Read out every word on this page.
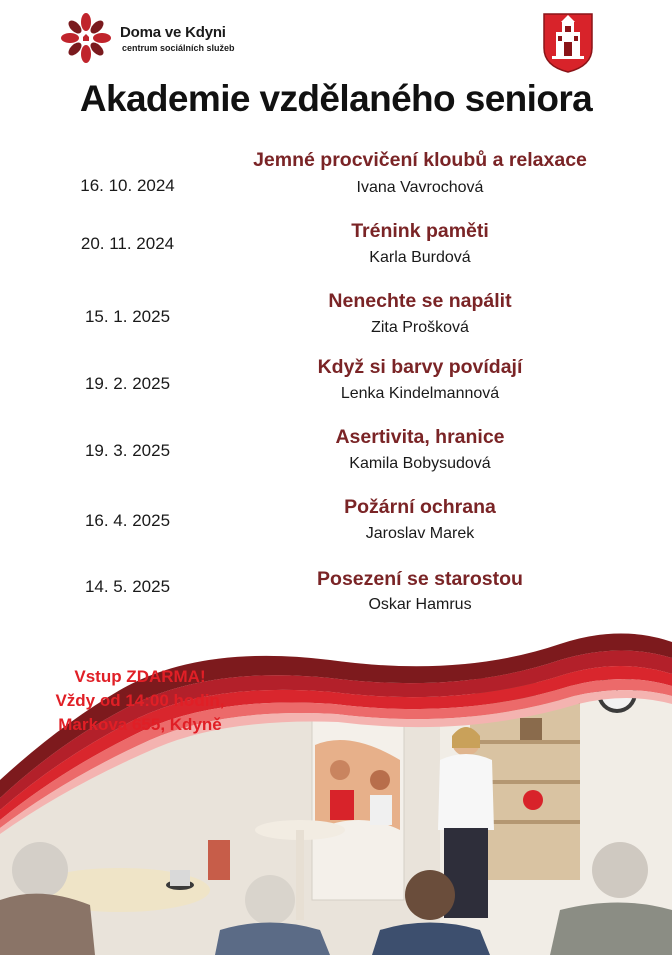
Doma ve Kdyni
centrum sociálních služeb
Akademie vzdělaného seniora
16. 10. 2024
Jemné procvičení kloubů a relaxace
Ivana Vavrochová
20. 11. 2024
Trénink paměti
Karla Burdová
15. 1. 2025
Nenechte se napálit
Zita Prošková
19. 2. 2025
Když si barvy povídají
Lenka Kindelmannová
19. 3. 2025
Asertivita, hranice
Kamila Bobysudová
16. 4. 2025
Požární ochrana
Jaroslav Marek
14. 5. 2025	Posezení se starostou
Oskar Hamrus
Vstup ZDARMA!
Vždy od 14:00 hodin,
Markova 655, Kdyně
